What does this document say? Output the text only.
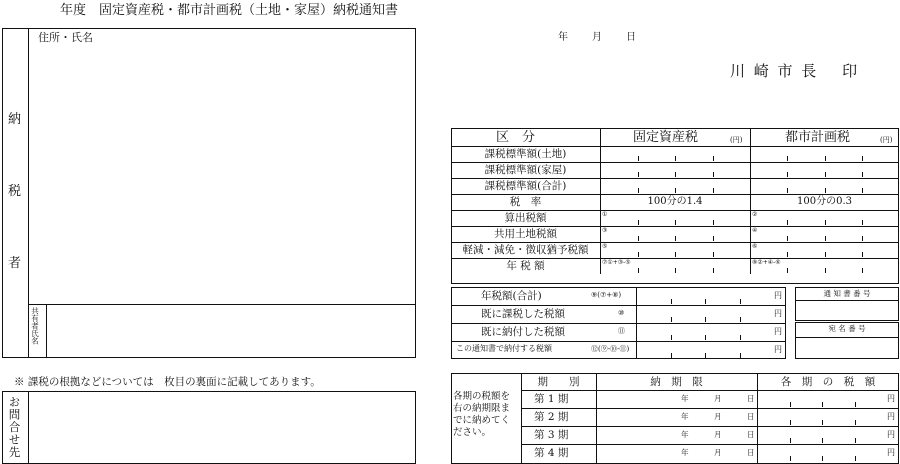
年度　固定資産税・都市計画税（土地・家屋）納税通知書
年 月 日
川 崎 市 長　 印
納
税
者
住所・氏名
共有者氏名
※ 課税の根拠などについては　枚目の裏面に記載してあります。
お問合せ先
区　分	固定資産税	(円)	都市計画税	(円)
課税標準額(土地)
課税標準額(家屋)
課税標準額(合計)
税　率	100分の1.4	100分の0.3
算出税額	①	②
共用土地税額	③	④
軽減・減免・徴収猶予税額	⑤	⑥
年 税 額	⑦①+③-⑤	⑧②+④-⑥
年税額(合計)	⑨(⑦+⑧)	円
既に課税した税額	⑩	円
既に納付した税額	⑪	円
この通知書で納付する税額	⑫(⑨-⑩-⑪)	円
通 知 書 番 号
宛 名 番 号
期　　別	納　期　限	各　期　の　税　額
各期の税額を右の納期限までに納めてください。
第 1 期	年	月	日	円
第 2 期	年	月	日	円
第 3 期	年	月	日	円
第 4 期	年	月	日	円
